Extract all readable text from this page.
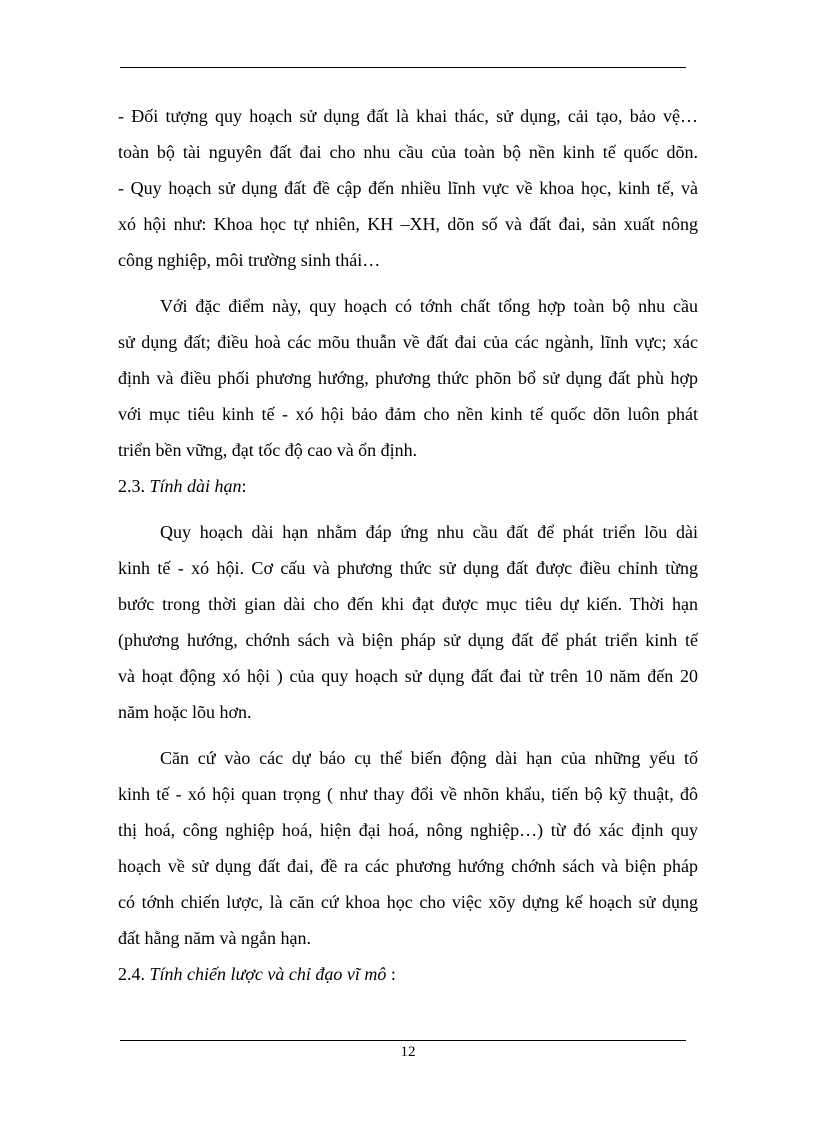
- Đối tượng quy hoạch sử dụng đất là khai thác, sử dụng, cải tạo, bảo vệ…
toàn bộ tài nguyên đất đai cho nhu cầu của toàn bộ nền kinh tế quốc dõn.
- Quy hoạch sử dụng đất đề cập đến nhiều lĩnh vực về khoa học, kinh tế, và
xó hội như: Khoa học tự nhiên, KH –XH, dõn số và đất đai, sản xuất nông
công nghiệp, môi trường sinh thái…
Với đặc điểm này, quy hoạch có tớnh chất tổng hợp toàn bộ nhu cầu
sử dụng đất; điều hoà các mõu thuẫn về đất đai của các ngành, lĩnh vực; xác
định và điều phối phương hướng, phương thức phõn bổ sử dụng đất phù hợp
với mục tiêu kinh tế - xó hội bảo đảm cho nền kinh tế quốc dõn luôn phát
triển bền vững, đạt tốc độ cao và ổn định.
2.3. Tính dài hạn:
Quy hoạch dài hạn nhằm đáp ứng nhu cầu đất để phát triển lõu dài
kinh tế - xó hội. Cơ cấu và phương thức sử dụng đất được điều chỉnh từng
bước trong thời gian dài cho đến khi đạt được mục tiêu dự kiến. Thời hạn
(phương hướng, chớnh sách và biện pháp sử dụng đất để phát triển kinh tế
và hoạt động xó hội ) của quy hoạch sử dụng đất đai từ trên 10 năm đến 20
năm hoặc lõu hơn.
Căn cứ vào các dự báo cụ thể biến động dài hạn của những yếu tố
kinh tế - xó hội quan trọng ( như thay đổi về nhõn khẩu, tiến bộ kỹ thuật, đô
thị hoá, công nghiệp hoá, hiện đại hoá, nông nghiệp…) từ đó xác định quy
hoạch về sử dụng đất đai, đề ra các phương hướng chớnh sách và biện pháp
có tớnh chiến lược, là căn cứ khoa học cho việc xõy dựng kế hoạch sử dụng
đất hằng năm và ngắn hạn.
2.4. Tính chiến lược và chỉ đạo vĩ mô :
12
